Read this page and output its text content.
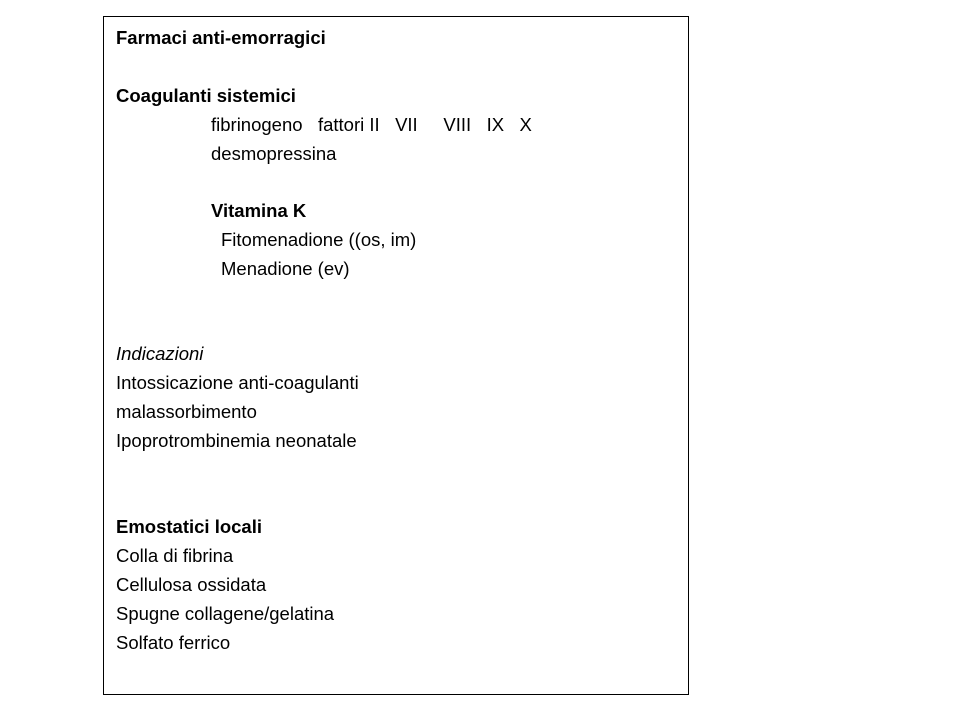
Farmaci anti-emorragici
Coagulanti sistemici
fibrinogeno   fattori II   VII     VIII   IX   X
desmopressina
Vitamina K
Fitomenadione ((os, im)
Menadione (ev)
Indicazioni
Intossicazione anti-coagulanti
malassorbimento
Ipoprotrombinemia neonatale
Emostatici locali
Colla di fibrina
Cellulosa ossidata
Spugne collagene/gelatina
Solfato ferrico
